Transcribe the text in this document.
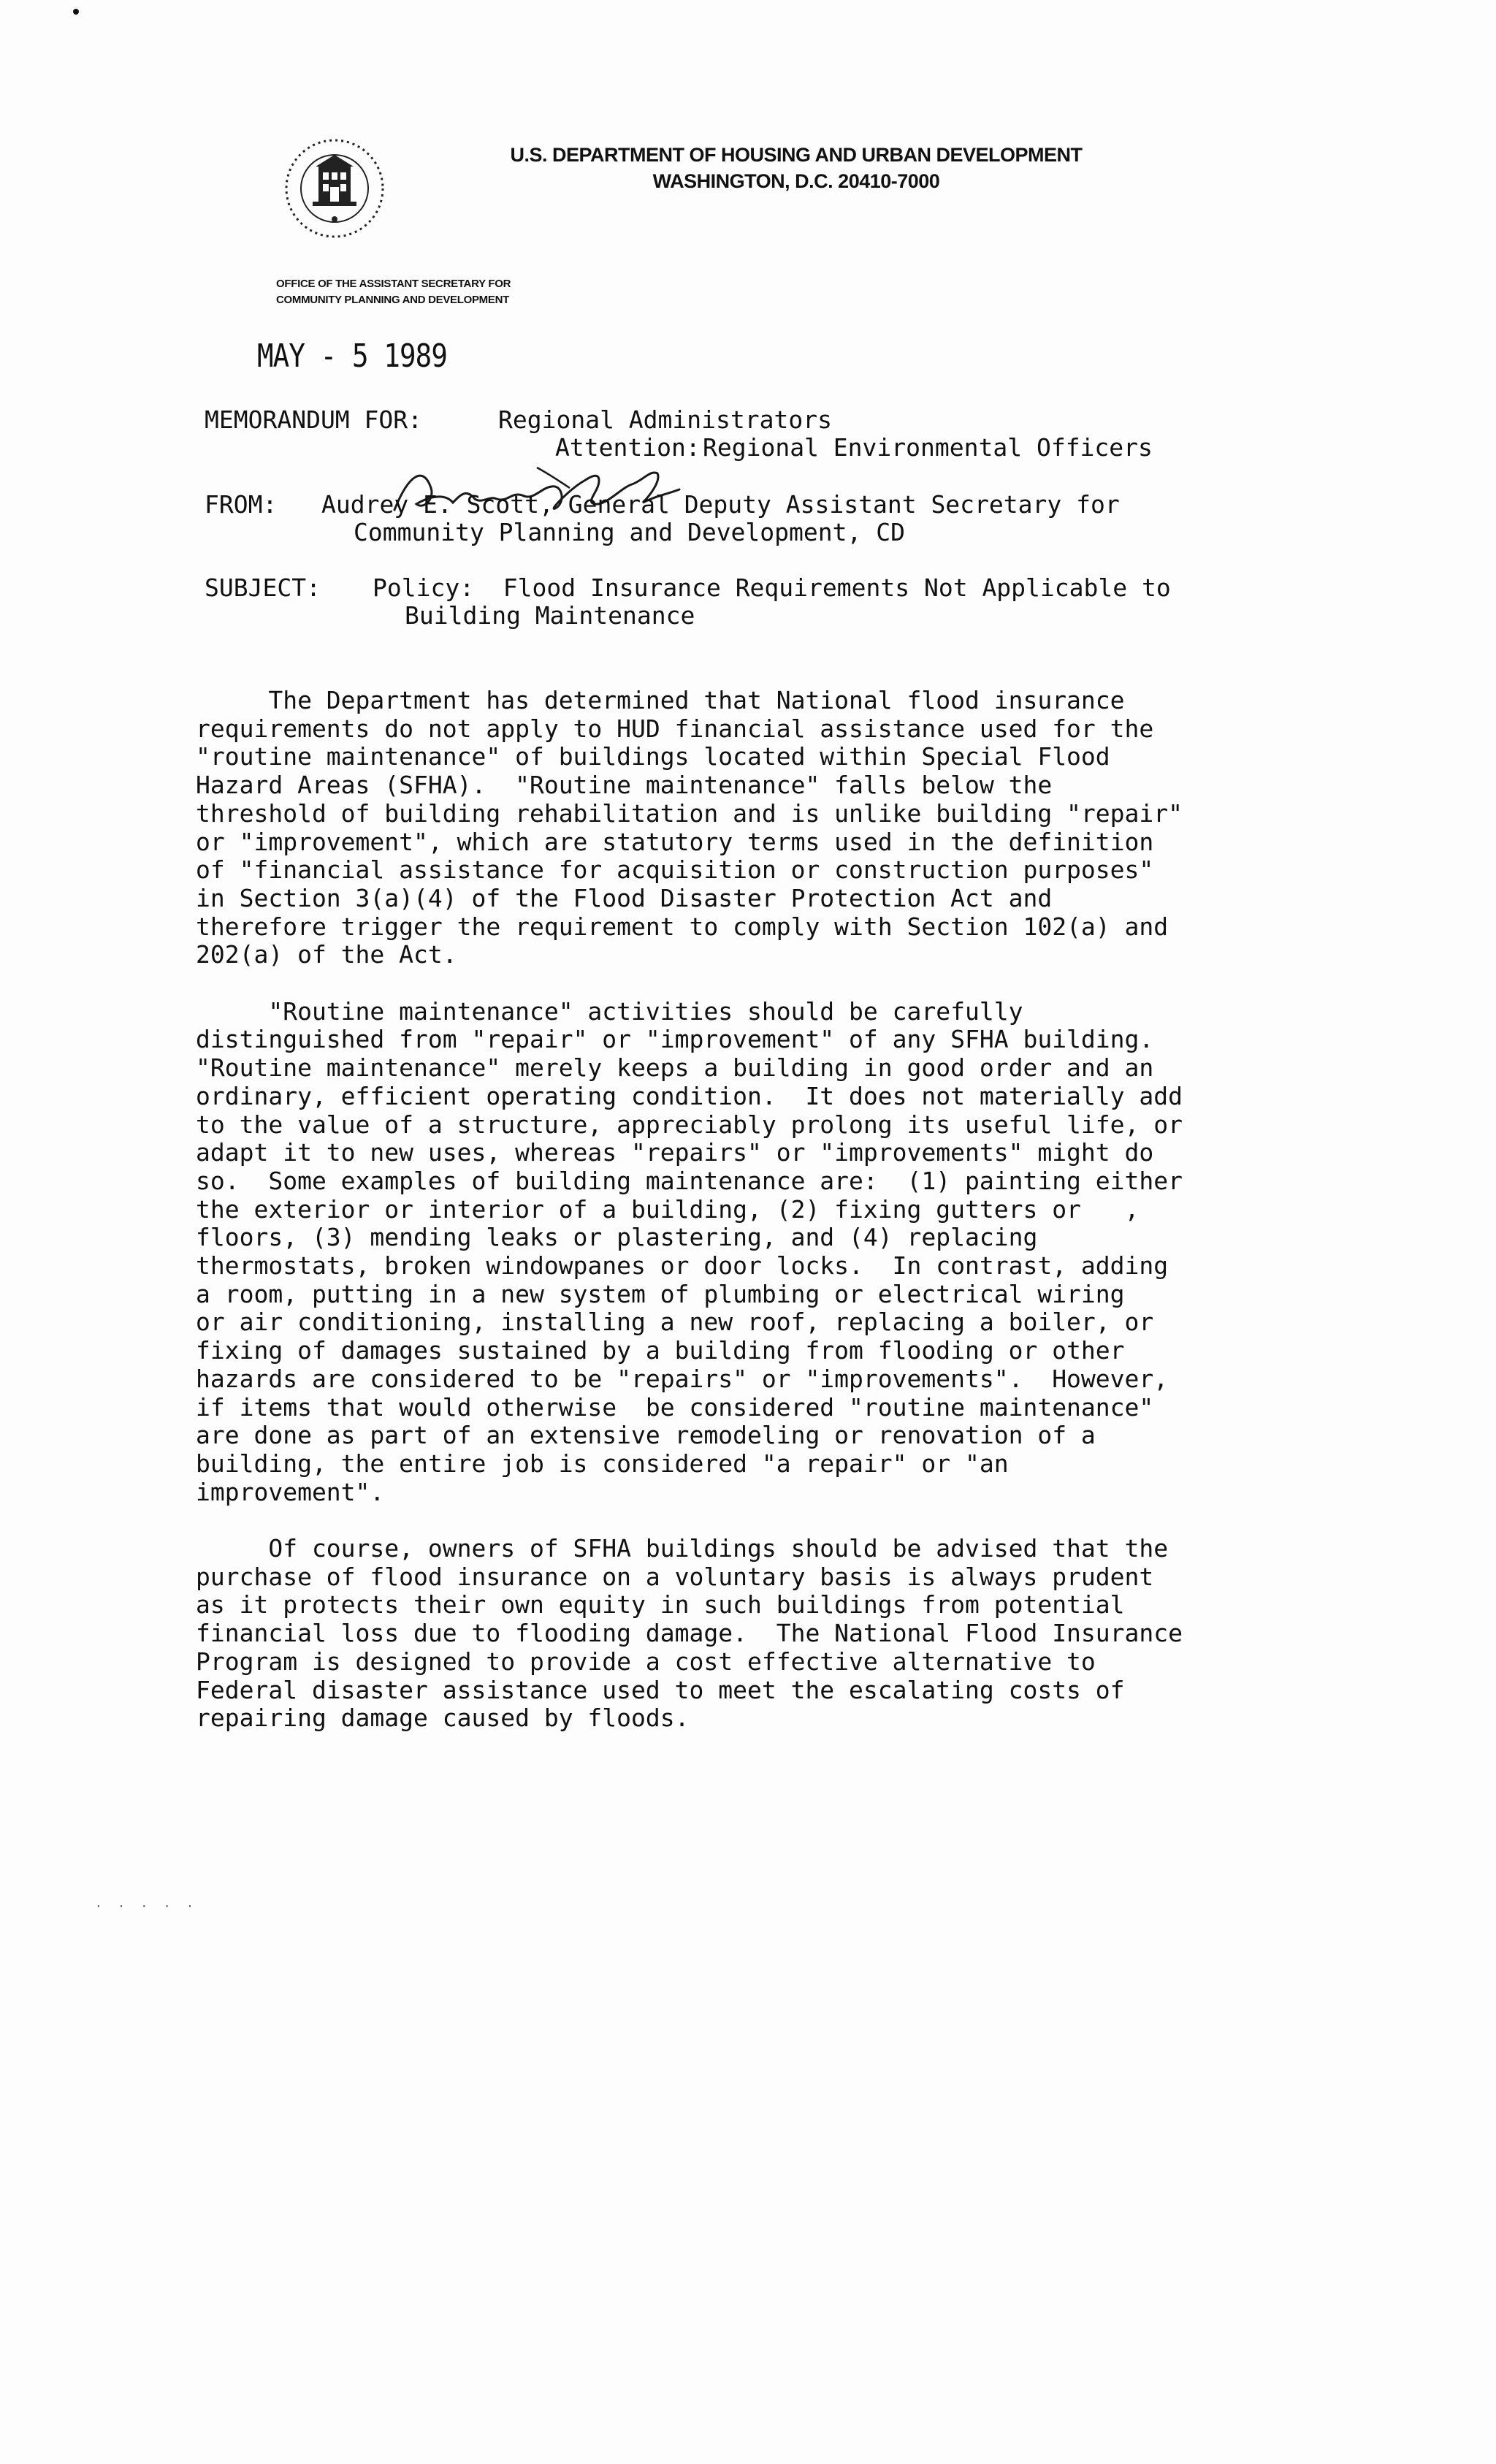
U.S. DEPARTMENT OF HOUSING AND URBAN DEVELOPMENT
WASHINGTON, D.C. 20410-7000
OFFICE OF THE ASSISTANT SECRETARY FOR
COMMUNITY PLANNING AND DEVELOPMENT
MAY - 5 1989
MEMORANDUM FOR:	Regional Administrators
Attention: Regional Environmental Officers
FROM: Audrey E. Scott, General Deputy Assistant Secretary for
Community Planning and Development, CD
SUBJECT: Policy:  Flood Insurance Requirements Not Applicable to
Building Maintenance
The Department has determined that National flood insurance
requirements do not apply to HUD financial assistance used for the
"routine maintenance" of buildings located within Special Flood
Hazard Areas (SFHA).  "Routine maintenance" falls below the
threshold of building rehabilitation and is unlike building "repair"
or "improvement", which are statutory terms used in the definition
of "financial assistance for acquisition or construction purposes"
in Section 3(a)(4) of the Flood Disaster Protection Act and
therefore trigger the requirement to comply with Section 102(a) and
202(a) of the Act.
"Routine maintenance" activities should be carefully
distinguished from "repair" or "improvement" of any SFHA building.
"Routine maintenance" merely keeps a building in good order and an
ordinary, efficient operating condition.  It does not materially add
to the value of a structure, appreciably prolong its useful life, or
adapt it to new uses, whereas "repairs" or "improvements" might do
so.  Some examples of building maintenance are:  (1) painting either
the exterior or interior of a building, (2) fixing gutters or   ,
floors, (3) mending leaks or plastering, and (4) replacing
thermostats, broken windowpanes or door locks.  In contrast, adding
a room, putting in a new system of plumbing or electrical wiring
or air conditioning, installing a new roof, replacing a boiler, or
fixing of damages sustained by a building from flooding or other
hazards are considered to be "repairs" or "improvements".  However,
if items that would otherwise  be considered "routine maintenance"
are done as part of an extensive remodeling or renovation of a
building, the entire job is considered "a repair" or "an
improvement".
Of course, owners of SFHA buildings should be advised that the
purchase of flood insurance on a voluntary basis is always prudent
as it protects their own equity in such buildings from potential
financial loss due to flooding damage.  The National Flood Insurance
Program is designed to provide a cost effective alternative to
Federal disaster assistance used to meet the escalating costs of
repairing damage caused by floods.
· · · · ·
